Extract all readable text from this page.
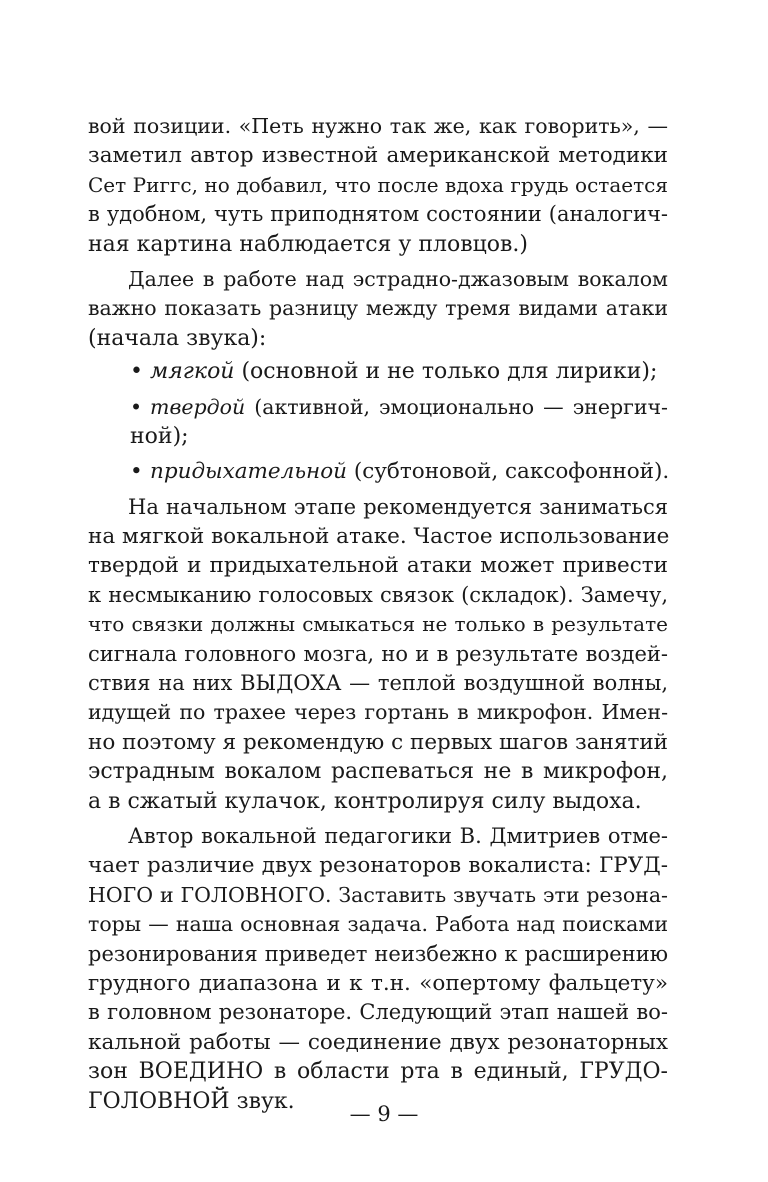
вой позиции. «Петь нужно так же, как говорить», —
заметил автор известной американской методики
Сет Риггс, но добавил, что после вдоха грудь остается
в удобном, чуть приподнятом состоянии (аналогич-
ная картина наблюдается у пловцов.)
Далее в работе над эстрадно-джазовым вокалом
важно показать разницу между тремя видами атаки
(начала звука):
• мягкой (основной и не только для лирики);
• твердой (активной, эмоционально — энергич-
ной);
• придыхательной (субтоновой, саксофонной).
На начальном этапе рекомендуется заниматься
на мягкой вокальной атаке. Частое использование
твердой и придыхательной атаки может привести
к несмыканию голосовых связок (складок). Замечу,
что связки должны смыкаться не только в результате
сигнала головного мозга, но и в результате воздей-
ствия на них ВЫДОХА — теплой воздушной волны,
идущей по трахее через гортань в микрофон. Имен-
но поэтому я рекомендую с первых шагов занятий
эстрадным вокалом распеваться не в микрофон,
а в сжатый кулачок, контролируя силу выдоха.
Автор вокальной педагогики В. Дмитриев отме-
чает различие двух резонаторов вокалиста: ГРУД-
НОГО и ГОЛОВНОГО. Заставить звучать эти резона-
торы — наша основная задача. Работа над поисками
резонирования приведет неизбежно к расширению
грудного диапазона и к т.н. «опертому фальцету»
в головном резонаторе. Следующий этап нашей во-
кальной работы — соединение двух резонаторных
зон ВОЕДИНО в области рта в единый, ГРУДО-
ГОЛОВНОЙ звук.
— 9 —
